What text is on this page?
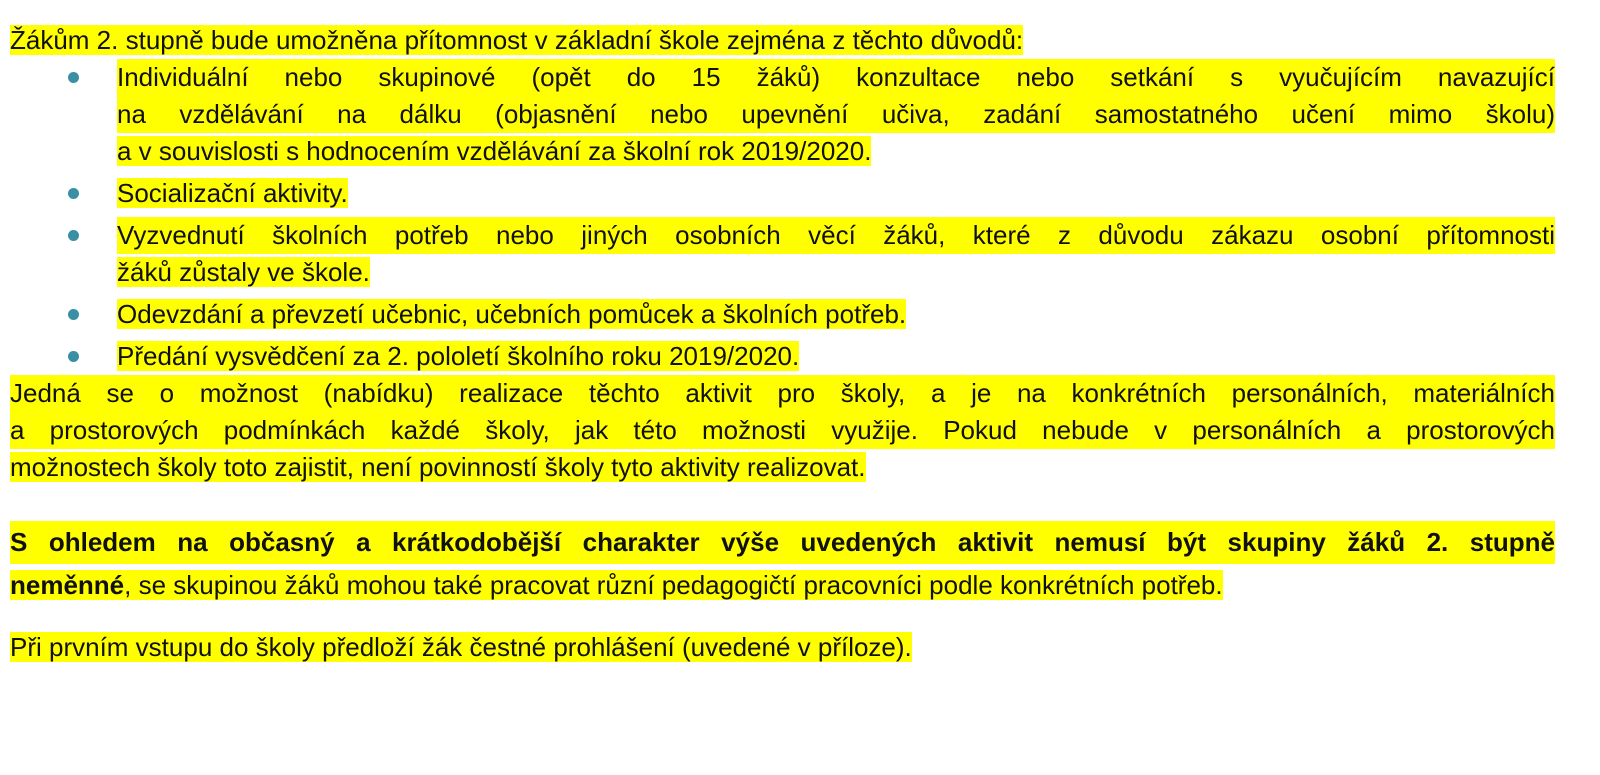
Žákům 2. stupně bude umožněna přítomnost v základní škole zejména z těchto důvodů:

Individuální nebo skupinové (opět do 15 žáků) konzultace nebo setkání s vyučujícím navazující
na vzdělávání na dálku (objasnění nebo upevnění učiva, zadání samostatného učení mimo školu)
a v souvislosti s hodnocením vzdělávání za školní rok 2019/2020.

Socializační aktivity.

Vyzvednutí školních potřeb nebo jiných osobních věcí žáků, které z důvodu zákazu osobní přítomnosti
žáků zůstaly ve škole.

Odevzdání a převzetí učebnic, učebních pomůcek a školních potřeb.

Předání vysvědčení za 2. pololetí školního roku 2019/2020.

Jedná se o možnost (nabídku) realizace těchto aktivit pro školy, a je na konkrétních personálních, materiálních
a prostorových podmínkách každé školy, jak této možnosti využije. Pokud nebude v personálních a prostorových
možnostech školy toto zajistit, není povinností školy tyto aktivity realizovat.
S ohledem na občasný a krátkodobější charakter výše uvedených aktivit nemusí být skupiny žáků 2. stupně
neměnné, se skupinou žáků mohou také pracovat různí pedagogičtí pracovníci podle konkrétních potřeb.

Při prvním vstupu do školy předloží žák čestné prohlášení (uvedené v příloze).
